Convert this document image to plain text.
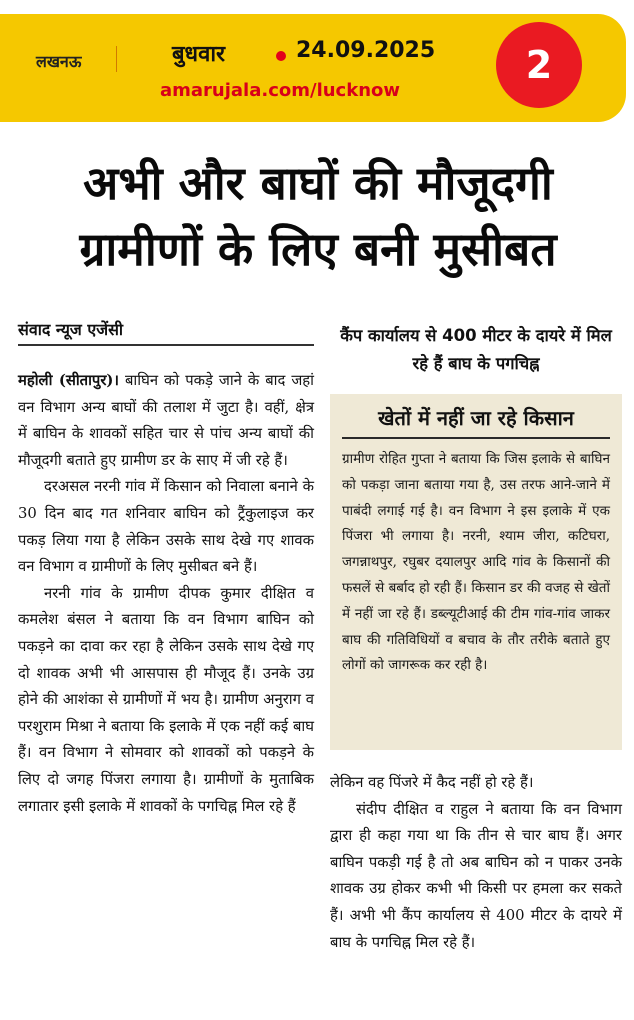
लखनऊ	बुधवार	24.09.2025
amarujala.com/lucknow
2
अभी और बाघों की मौजूदगी ग्रामीणों के लिए बनी मुसीबत
संवाद न्यूज एजेंसी

महोली (सीतापुर)। बाघिन को पकड़े जाने के बाद जहां वन विभाग अन्य बाघों की तलाश में जुटा है। वहीं, क्षेत्र में बाघिन के शावकों सहित चार से पांच अन्य बाघों की मौजूदगी बताते हुए ग्रामीण डर के साए में जी रहे हैं।

दरअसल नरनी गांव में किसान को निवाला बनाने के 30 दिन बाद गत शनिवार बाघिन को ट्रैंकुलाइज कर पकड़ लिया गया है लेकिन उसके साथ देखे गए शावक वन विभाग व ग्रामीणों के लिए मुसीबत बने हैं।

नरनी गांव के ग्रामीण दीपक कुमार दीक्षित व कमलेश बंसल ने बताया कि वन विभाग बाघिन को पकड़ने का दावा कर रहा है लेकिन उसके साथ देखे गए दो शावक अभी भी आसपास ही मौजूद हैं। उनके उग्र होने की आशंका से ग्रामीणों में भय है। ग्रामीण अनुराग व परशुराम मिश्रा ने बताया कि इलाके में एक नहीं कई बाघ हैं। वन विभाग ने सोमवार को शावकों को पकड़ने के लिए दो जगह पिंजरा लगाया है। ग्रामीणों के मुताबिक लगातार इसी इलाके में शावकों के पगचिह्न मिल रहे हैं

कैंप कार्यालय से 400 मीटर के दायरे में मिल रहे हैं बाघ के पगचिह्न
खेतों में नहीं जा रहे किसान
ग्रामीण रोहित गुप्ता ने बताया कि जिस इलाके से बाघिन को पकड़ा जाना बताया गया है, उस तरफ आने-जाने में पाबंदी लगाई गई है। वन विभाग ने इस इलाके में एक पिंजरा भी लगाया है। नरनी, श्याम जीरा, कटिघरा, जगन्नाथपुर, रघुबर दयालपुर आदि गांव के किसानों की फसलें से बर्बाद हो रही हैं। किसान डर की वजह से खेतों में नहीं जा रहे हैं। डब्ल्यूटीआई की टीम गांव-गांव जाकर बाघ की गतिविधियों व बचाव के तौर तरीके बताते हुए लोगों को जागरूक कर रही है।

लेकिन वह पिंजरे में कैद नहीं हो रहे हैं।

संदीप दीक्षित व राहुल ने बताया कि वन विभाग द्वारा ही कहा गया था कि तीन से चार बाघ हैं। अगर बाघिन पकड़ी गई है तो अब बाघिन को न पाकर उनके शावक उग्र होकर कभी भी किसी पर हमला कर सकते हैं। अभी भी कैंप कार्यालय से 400 मीटर के दायरे में बाघ के पगचिह्न मिल रहे हैं।
